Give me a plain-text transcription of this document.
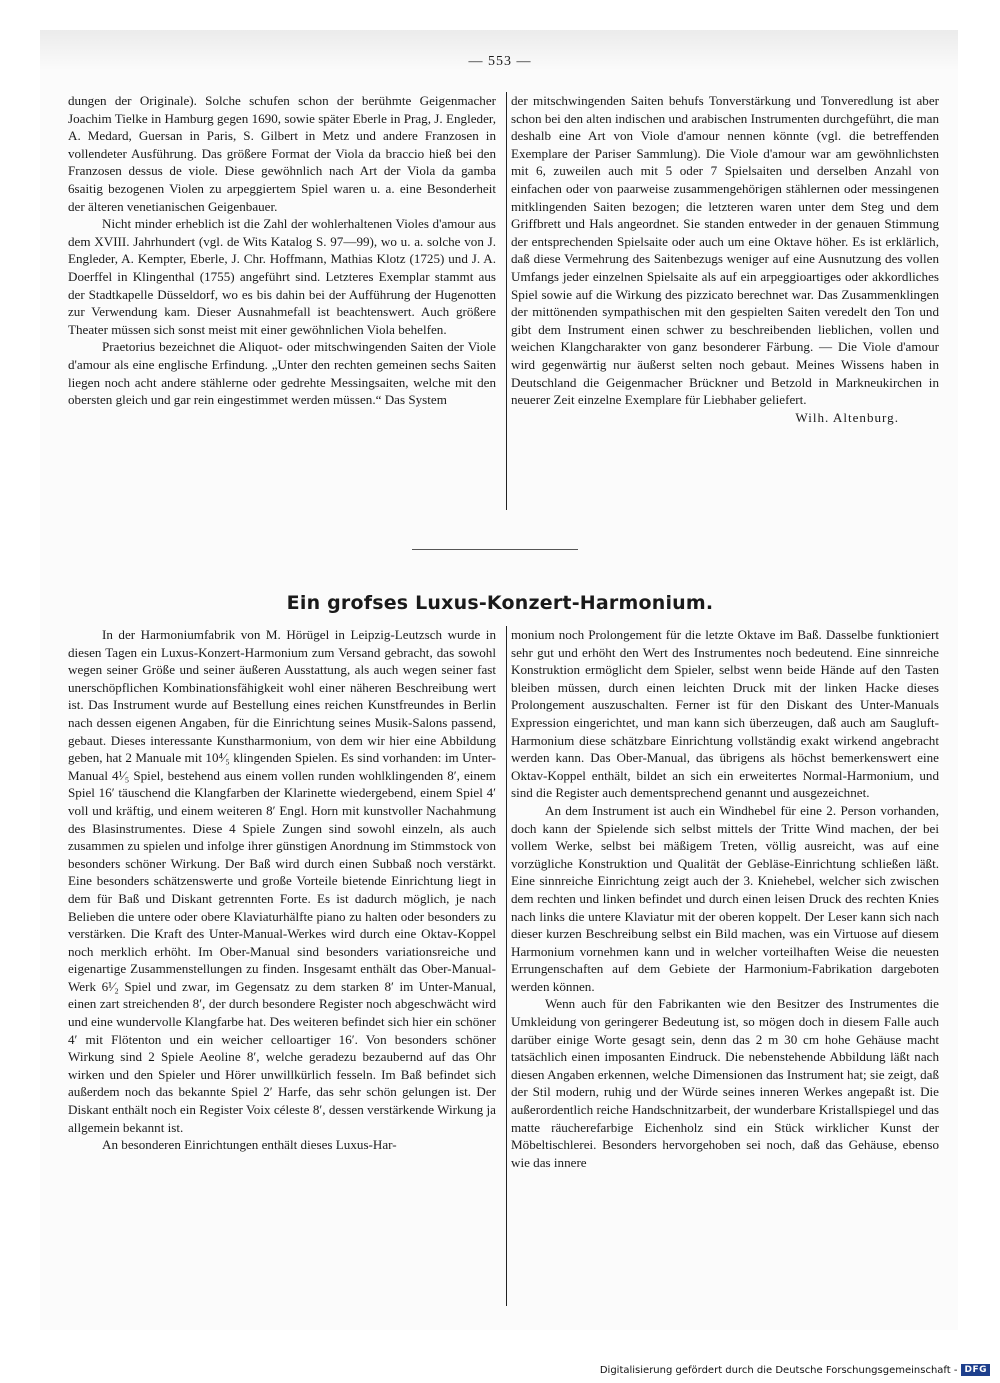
— 553 —

dungen der Originale). Solche schufen schon der berühmte Geigenmacher Joachim Tielke in Hamburg gegen 1690, sowie später Eberle in Prag, J. Engleder, A. Medard, Guersan in Paris, S. Gilbert in Metz und andere Franzosen in vollendeter Ausführung. Das größere Format der Viola da braccio hieß bei den Franzosen dessus de viole. Diese gewöhnlich nach Art der Viola da gamba 6saitig bezogenen Violen zu arpeggiertem Spiel waren u. a. eine Besonderheit der älteren venetianischen Geigenbauer.

Nicht minder erheblich ist die Zahl der wohlerhaltenen Violes d'amour aus dem XVIII. Jahrhundert (vgl. de Wits Katalog S. 97—99), wo u. a. solche von J. Engleder, A. Kempter, Eberle, J. Chr. Hoffmann, Mathias Klotz (1725) und J. A. Doerffel in Klingenthal (1755) angeführt sind. Letzteres Exemplar stammt aus der Stadtkapelle Düsseldorf, wo es bis dahin bei der Aufführung der Hugenotten zur Verwendung kam. Dieser Ausnahmefall ist beachtenswert. Auch größere Theater müssen sich sonst meist mit einer gewöhnlichen Viola behelfen.

Praetorius bezeichnet die Aliquot- oder mitschwingenden Saiten der Viole d'amour als eine englische Erfindung. „Unter den rechten gemeinen sechs Saiten liegen noch acht andere stählerne oder gedrehte Messingsaiten, welche mit den obersten gleich und gar rein eingestimmet werden müssen.“ Das System

der mitschwingenden Saiten behufs Tonverstärkung und Tonveredlung ist aber schon bei den alten indischen und arabischen Instrumenten durchgeführt, die man deshalb eine Art von Viole d'amour nennen könnte (vgl. die betreffenden Exemplare der Pariser Sammlung). Die Viole d'amour war am gewöhnlichsten mit 6, zuweilen auch mit 5 oder 7 Spielsaiten und derselben Anzahl von einfachen oder von paarweise zusammengehörigen stählernen oder messingenen mitklingenden Saiten bezogen; die letzteren waren unter dem Steg und dem Griffbrett und Hals angeordnet. Sie standen entweder in der genauen Stimmung der entsprechenden Spielsaite oder auch um eine Oktave höher. Es ist erklärlich, daß diese Vermehrung des Saitenbezugs weniger auf eine Ausnutzung des vollen Umfangs jeder einzelnen Spielsaite als auf ein arpeggioartiges oder akkordliches Spiel sowie auf die Wirkung des pizzicato berechnet war. Das Zusammenklingen der mittönenden sympathischen mit den gespielten Saiten veredelt den Ton und gibt dem Instrument einen schwer zu beschreibenden lieblichen, vollen und weichen Klangcharakter von ganz besonderer Färbung. — Die Viole d'amour wird gegenwärtig nur äußerst selten noch gebaut. Meines Wissens haben in Deutschland die Geigenmacher Brückner und Betzold in Markneukirchen in neuerer Zeit einzelne Exemplare für Liebhaber geliefert.

Wilh. Altenburg.

Ein grofses Luxus-Konzert-Harmonium.

In der Harmoniumfabrik von M. Hörügel in Leipzig-Leutzsch wurde in diesen Tagen ein Luxus-Konzert-Harmonium zum Versand gebracht, das sowohl wegen seiner Größe und seiner äußeren Ausstattung, als auch wegen seiner fast unerschöpflichen Kombinationsfähigkeit wohl einer näheren Beschreibung wert ist. Das Instrument wurde auf Bestellung eines reichen Kunstfreundes in Berlin nach dessen eigenen Angaben, für die Einrichtung seines Musik-Salons passend, gebaut. Dieses interessante Kunstharmonium, von dem wir hier eine Abbildung geben, hat 2 Manuale mit 10⁴⁄₅ klingenden Spielen. Es sind vorhanden: im Unter-Manual 4¹⁄₅ Spiel, bestehend aus einem vollen runden wohlklingenden 8′, einem Spiel 16′ täuschend die Klangfarben der Klarinette wiedergebend, einem Spiel 4′ voll und kräftig, und einem weiteren 8′ Engl. Horn mit kunstvoller Nachahmung des Blasinstrumentes. Diese 4 Spiele Zungen sind sowohl einzeln, als auch zusammen zu spielen und infolge ihrer günstigen Anordnung im Stimmstock von besonders schöner Wirkung. Der Baß wird durch einen Subbaß noch verstärkt. Eine besonders schätzenswerte und große Vorteile bietende Einrichtung liegt in dem für Baß und Diskant getrennten Forte. Es ist dadurch möglich, je nach Belieben die untere oder obere Klaviaturhälfte piano zu halten oder besonders zu verstärken. Die Kraft des Unter-Manual-Werkes wird durch eine Oktav-Koppel noch merklich erhöht. Im Ober-Manual sind besonders variationsreiche und eigenartige Zusammenstellungen zu finden. Insgesamt enthält das Ober-Manual-Werk 6¹⁄₂ Spiel und zwar, im Gegensatz zu dem starken 8′ im Unter-Manual, einen zart streichenden 8′, der durch besondere Register noch abgeschwächt wird und eine wundervolle Klangfarbe hat. Des weiteren befindet sich hier ein schöner 4′ mit Flötenton und ein weicher celloartiger 16′. Von besonders schöner Wirkung sind 2 Spiele Aeoline 8′, welche geradezu bezaubernd auf das Ohr wirken und den Spieler und Hörer unwillkürlich fesseln. Im Baß befindet sich außerdem noch das bekannte Spiel 2′ Harfe, das sehr schön gelungen ist. Der Diskant enthält noch ein Register Voix céleste 8′, dessen verstärkende Wirkung ja allgemein bekannt ist.

An besonderen Einrichtungen enthält dieses Luxus-Har-

monium noch Prolongement für die letzte Oktave im Baß. Dasselbe funktioniert sehr gut und erhöht den Wert des Instrumentes noch bedeutend. Eine sinnreiche Konstruktion ermöglicht dem Spieler, selbst wenn beide Hände auf den Tasten bleiben müssen, durch einen leichten Druck mit der linken Hacke dieses Prolongement auszuschalten. Ferner ist für den Diskant des Unter-Manuals Expression eingerichtet, und man kann sich überzeugen, daß auch am Saugluft-Harmonium diese schätzbare Einrichtung vollständig exakt wirkend angebracht werden kann. Das Ober-Manual, das übrigens als höchst bemerkenswert eine Oktav-Koppel enthält, bildet an sich ein erweitertes Normal-Harmonium, und sind die Register auch dementsprechend genannt und ausgezeichnet.

An dem Instrument ist auch ein Windhebel für eine 2. Person vorhanden, doch kann der Spielende sich selbst mittels der Tritte Wind machen, der bei vollem Werke, selbst bei mäßigem Treten, völlig ausreicht, was auf eine vorzügliche Konstruktion und Qualität der Gebläse-Einrichtung schließen läßt. Eine sinnreiche Einrichtung zeigt auch der 3. Kniehebel, welcher sich zwischen dem rechten und linken befindet und durch einen leisen Druck des rechten Knies nach links die untere Klaviatur mit der oberen koppelt. Der Leser kann sich nach dieser kurzen Beschreibung selbst ein Bild machen, was ein Virtuose auf diesem Harmonium vornehmen kann und in welcher vorteilhaften Weise die neuesten Errungenschaften auf dem Gebiete der Harmonium-Fabrikation dargeboten werden können.

Wenn auch für den Fabrikanten wie den Besitzer des Instrumentes die Umkleidung von geringerer Bedeutung ist, so mögen doch in diesem Falle auch darüber einige Worte gesagt sein, denn das 2 m 30 cm hohe Gehäuse macht tatsächlich einen imposanten Eindruck. Die nebenstehende Abbildung läßt nach diesen Angaben erkennen, welche Dimensionen das Instrument hat; sie zeigt, daß der Stil modern, ruhig und der Würde seines inneren Werkes angepaßt ist. Die außerordentlich reiche Handschnitzarbeit, der wunderbare Kristallspiegel und das matte räucherefarbige Eichenholz sind ein Stück wirklicher Kunst der Möbeltischlerei. Besonders hervorgehoben sei noch, daß das Gehäuse, ebenso wie das innere

Digitalisierung gefördert durch die Deutsche Forschungsgemeinschaft - DFG
